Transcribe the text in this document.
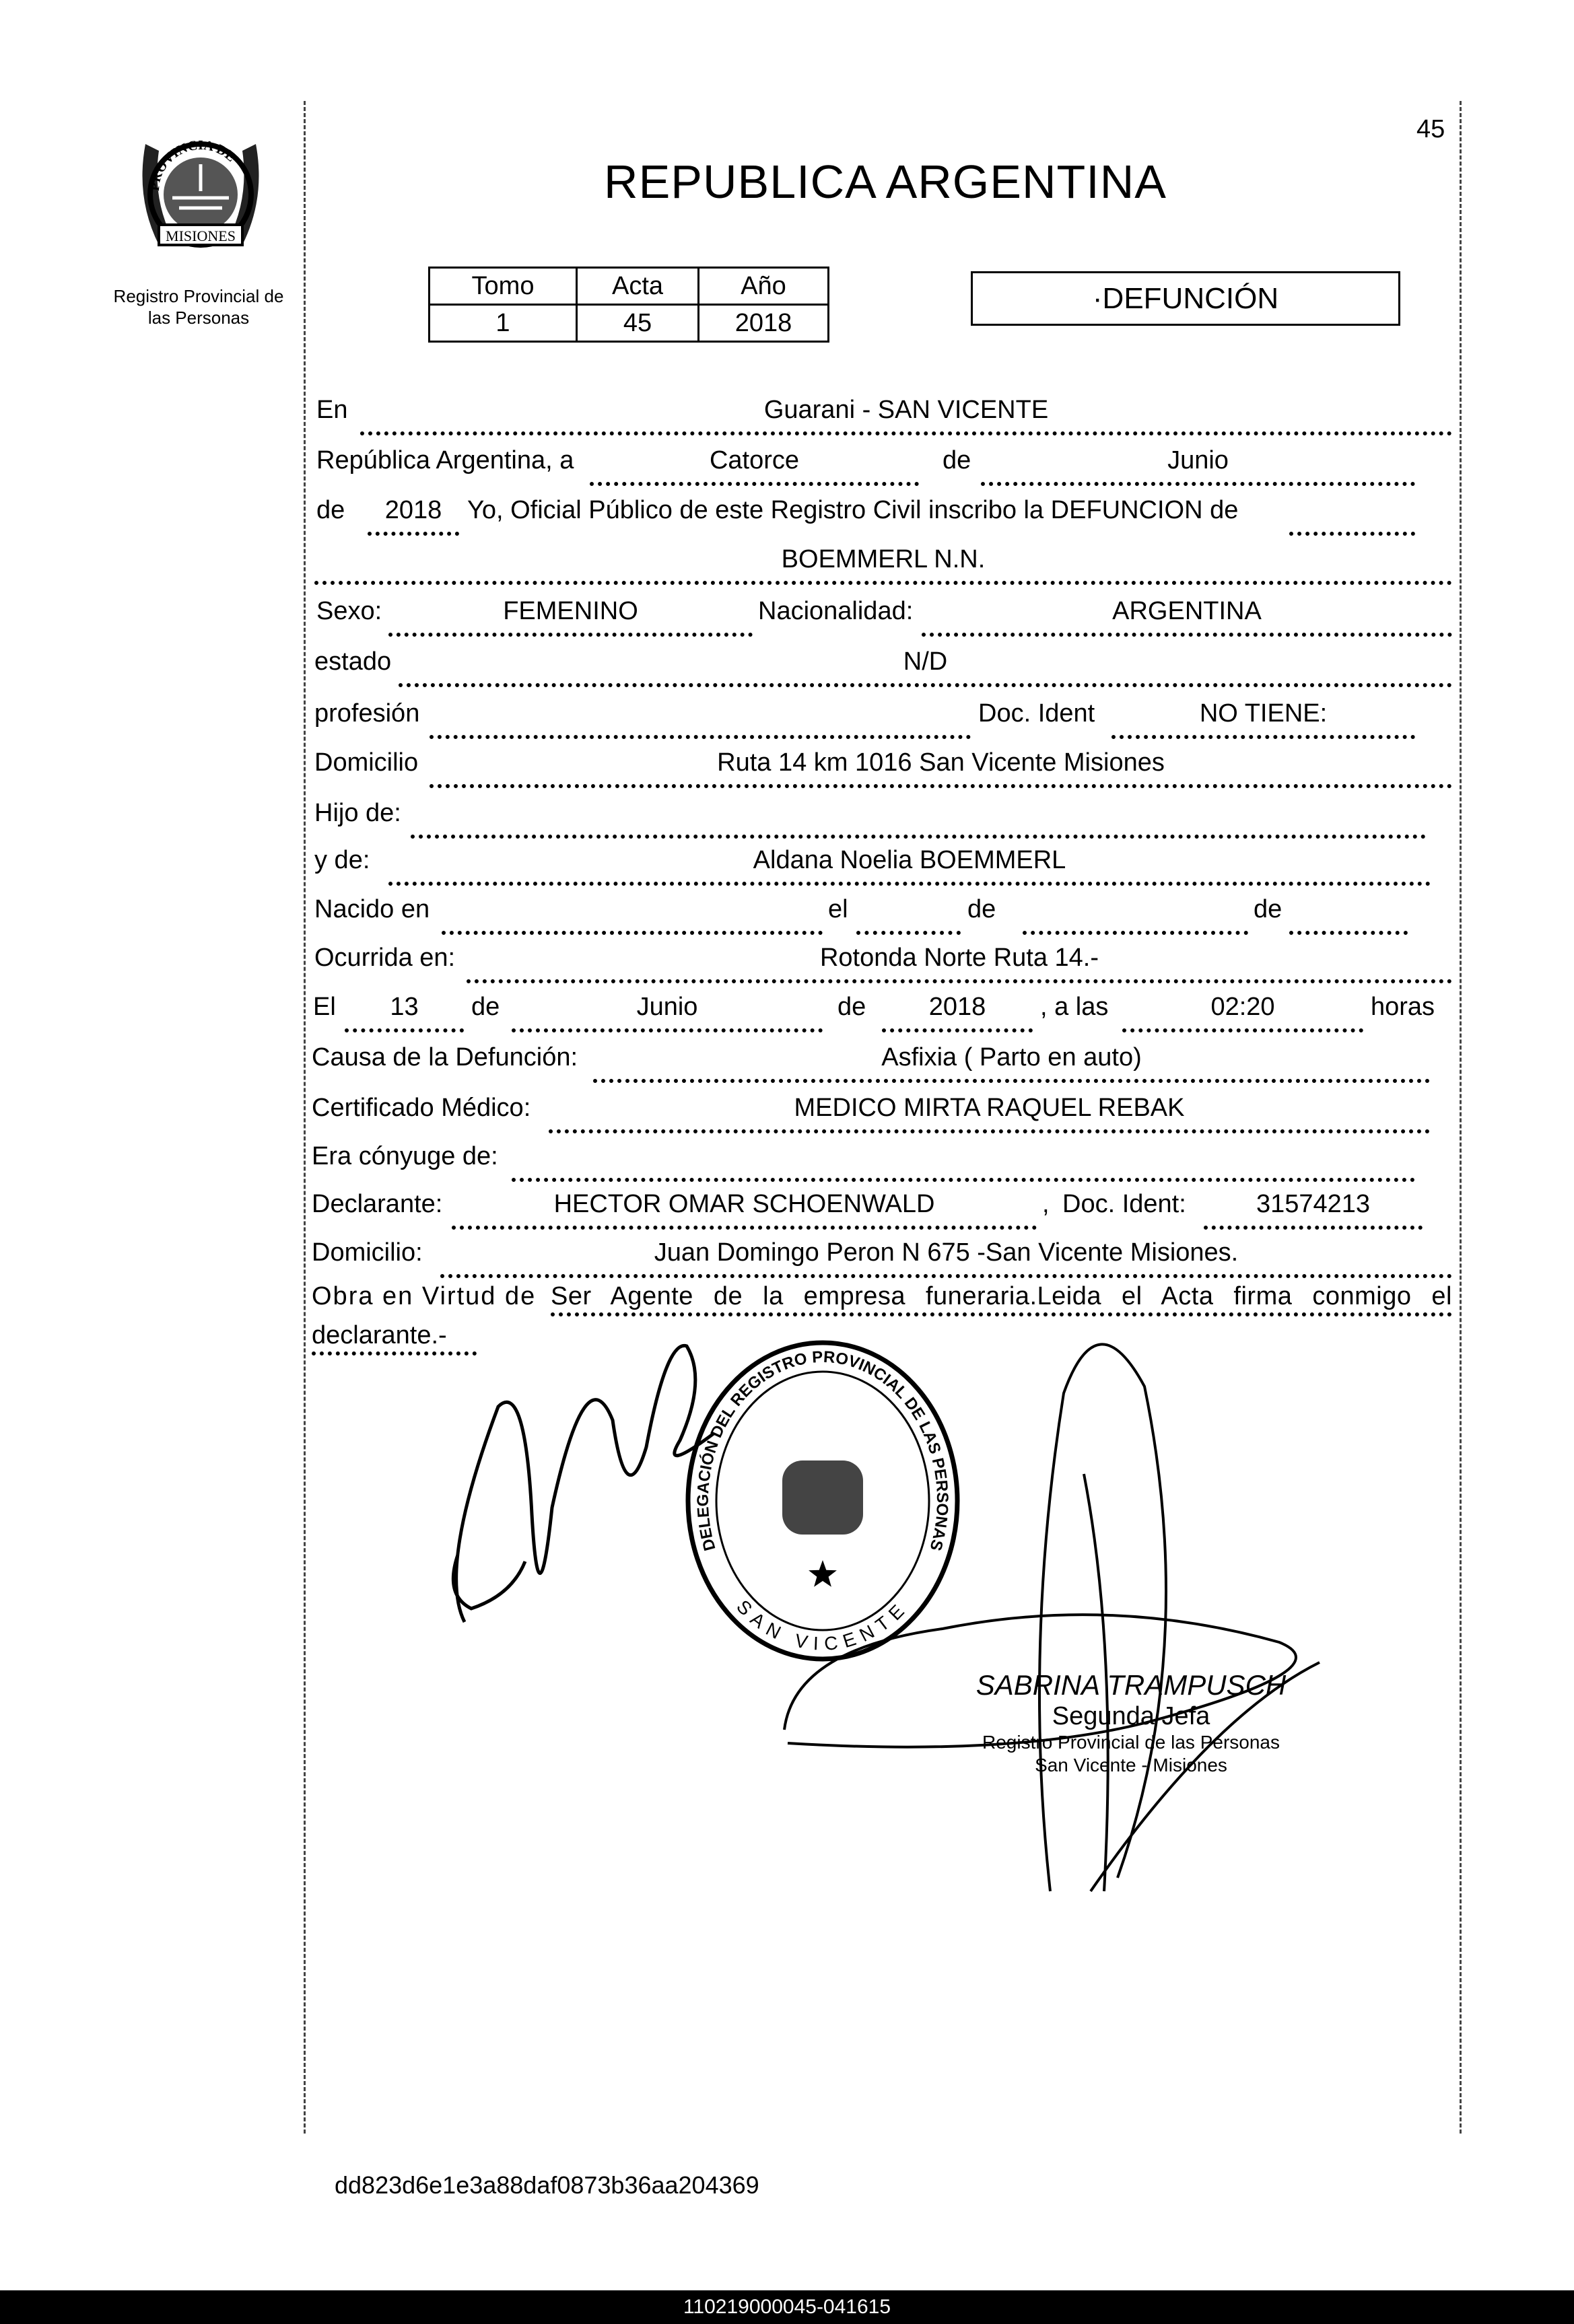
PROVINCIA DE
MISIONES
Registro Provincial de
las Personas
45
REPUBLICA ARGENTINA
Tomo	Acta	Año
1	45	2018
·DEFUNCIÓN
En	Guarani - SAN VICENTE
República Argentina, a	Catorce	de	Junio
de	2018 Yo, Oficial Público de este Registro Civil inscribo la DEFUNCION de
BOEMMERL N.N.
Sexo:	FEMENINO	Nacionalidad:	ARGENTINA
estado	N/D
profesión	Doc. Ident	NO TIENE:
Domicilio	Ruta 14 km 1016 San Vicente Misiones
Hijo de:
y de:	Aldana Noelia BOEMMERL
Nacido en	el	de	de
Ocurrida en:	Rotonda Norte Ruta 14.-
El	13	de	Junio	de	2018	, a las	02:20	horas
Causa de la Defunción:	Asfixia ( Parto en auto)
Certificado Médico:	MEDICO MIRTA RAQUEL REBAK
Era cónyuge de:
Declarante:	HECTOR OMAR SCHOENWALD	, Doc. Ident:	31574213
Domicilio:	Juan Domingo Peron N 675 -San Vicente Misiones.
Obra en Virtud de Ser Agente de la empresa funeraria.Leida el Acta firma conmigo el
declarante.-
DELEGACIÓN DEL REGISTRO PROVINCIAL DE LAS PERSONAS
SAN VICENTE
SABRINA TRAMPUSCH
Segunda Jefa
Registro Provincial de las Personas
San Vicente - Misiones
dd823d6e1e3a88daf0873b36aa204369
110219000045-041615
